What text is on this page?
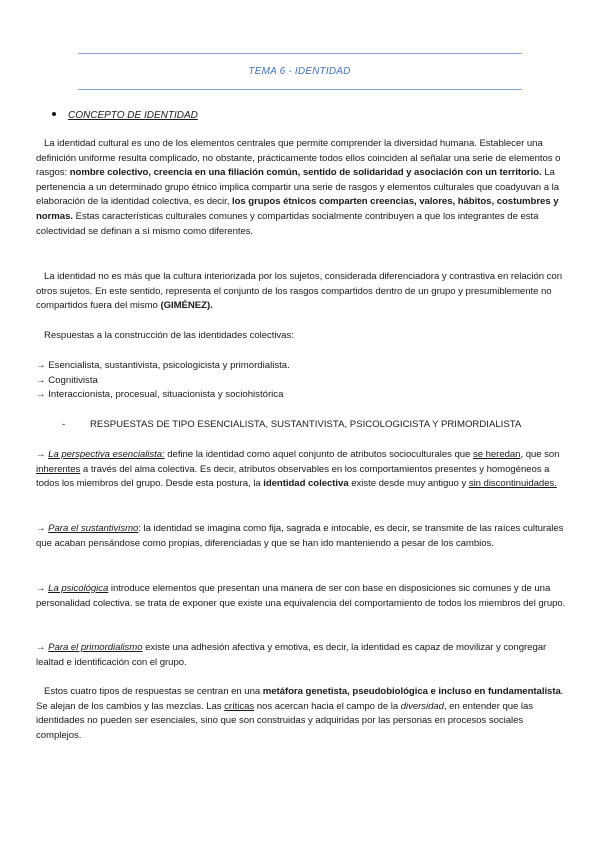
TEMA 6 - IDENTIDAD
CONCEPTO DE IDENTIDAD
La identidad cultural es uno de los elementos centrales que permite comprender la diversidad humana. Establecer una definición uniforme resulta complicado, no obstante, prácticamente todos ellos coinciden al señalar una serie de elementos o rasgos: nombre colectivo, creencia en una filiación común, sentido de solidaridad y asociación con un territorio. La pertenencia a un determinado grupo étnico implica compartir una serie de rasgos y elementos culturales que coadyuvan a la elaboración de la identidad colectiva, es decir, los grupos étnicos comparten creencias, valores, hábitos, costumbres y normas. Estas características culturales comunes y compartidas socialmente contribuyen a que los integrantes de esta colectividad se definan a sí mismo como diferentes.
La identidad no es más que la cultura interiorizada por los sujetos, considerada diferenciadora y contrastiva en relación con otros sujetos. En este sentido, representa el conjunto de los rasgos compartidos dentro de un grupo y presumiblemente no compartidos fuera del mismo (GIMÉNEZ).
Respuestas a la construcción de las identidades colectivas:
→ Esencialista, sustantivista, psicologicista y primordialista.
→ Cognitivista
→ Interaccionista, procesual, situacionista y sociohistórica
-	RESPUESTAS DE TIPO ESENCIALISTA, SUSTANTIVISTA, PSICOLOGICISTA Y PRIMORDIALISTA
→ La perspectiva esencialista: define la identidad como aquel conjunto de atributos socioculturales que se heredan, que son inherentes a través del alma colectiva. Es decir, atributos observables en los comportamientos presentes y homogéneos a todos los miembros del grupo. Desde esta postura, la identidad colectiva existe desde muy antiguo y sin discontinuidades.
→ Para el sustantivismo: la identidad se imagina como fija, sagrada e intocable, es decir, se transmite de las raíces culturales que acaban pensándose como propias, diferenciadas y que se han ido manteniendo a pesar de los cambios.
→ La psicológica introduce elementos que presentan una manera de ser con base en disposiciones sic comunes y de una personalidad colectiva. se trata de exponer que existe una equivalencia del comportamiento de todos los miembros del grupo.
→ Para el primordialismo existe una adhesión afectiva y emotiva, es decir, la identidad es capaz de movilizar y congregar lealtad e identificación con el grupo.
Estos cuatro tipos de respuestas se centran en una metáfora genetista, pseudobiológica e incluso en fundamentalista. Se alejan de los cambios y las mezclas. Las críticas nos acercan hacia el campo de la diversidad, en entender que las identidades no pueden ser esenciales, sino que son construidas y adquiridas por las personas en procesos sociales complejos.
